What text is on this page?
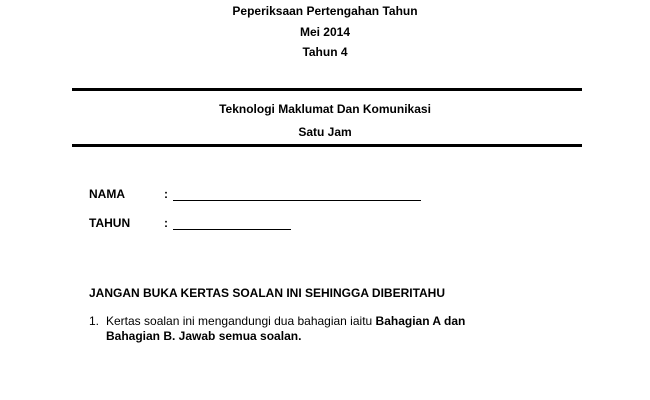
Peperiksaan Pertengahan Tahun
Mei 2014
Tahun 4
Teknologi Maklumat Dan Komunikasi
Satu Jam
NAMA	:
TAHUN	:
JANGAN BUKA KERTAS SOALAN INI SEHINGGA DIBERITAHU
1. Kertas soalan ini mengandungi dua bahagian iaitu Bahagian A dan
Bahagian B. Jawab semua soalan.
